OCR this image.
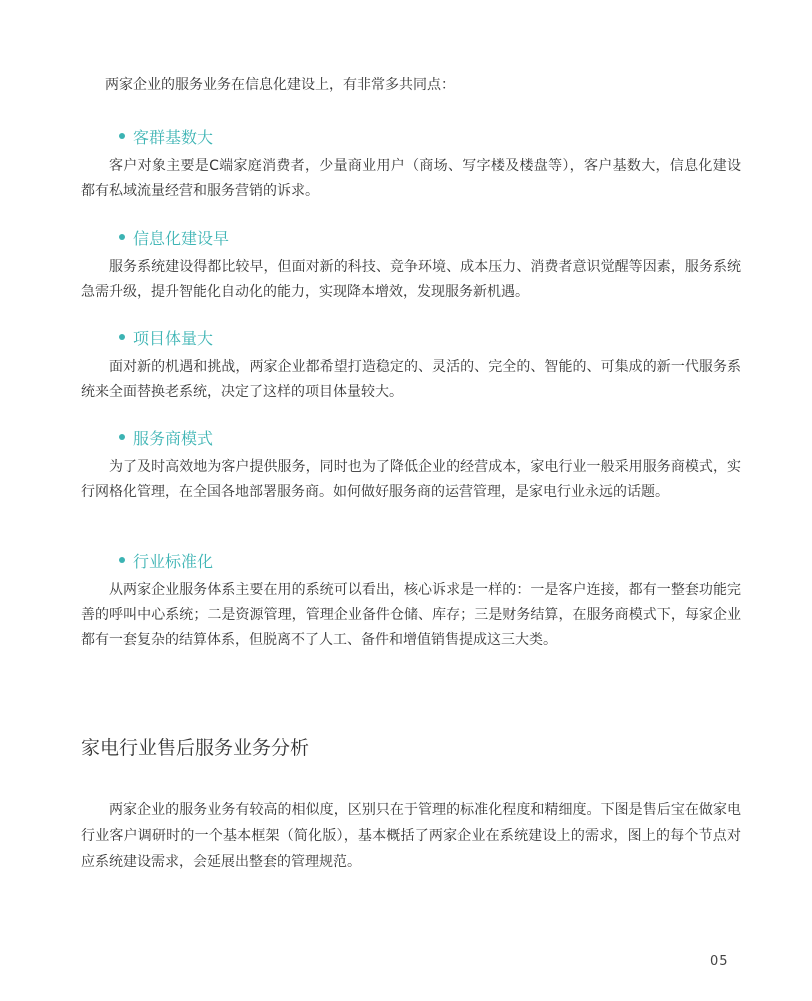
两家企业的服务业务在信息化建设上，有非常多共同点：
客群基数大
客户对象主要是C端家庭消费者，少量商业用户（商场、写字楼及楼盘等），客户基数大，信息化建设都有私域流量经营和服务营销的诉求。
信息化建设早
服务系统建设得都比较早，但面对新的科技、竞争环境、成本压力、消费者意识觉醒等因素，服务系统急需升级，提升智能化自动化的能力，实现降本增效，发现服务新机遇。
项目体量大
面对新的机遇和挑战，两家企业都希望打造稳定的、灵活的、完全的、智能的、可集成的新一代服务系统来全面替换老系统，决定了这样的项目体量较大。
服务商模式
为了及时高效地为客户提供服务，同时也为了降低企业的经营成本，家电行业一般采用服务商模式，实行网格化管理，在全国各地部署服务商。如何做好服务商的运营管理，是家电行业永远的话题。
行业标准化
从两家企业服务体系主要在用的系统可以看出，核心诉求是一样的：一是客户连接，都有一整套功能完善的呼叫中心系统；二是资源管理，管理企业备件仓储、库存；三是财务结算，在服务商模式下，每家企业都有一套复杂的结算体系，但脱离不了人工、备件和增值销售提成这三大类。
家电行业售后服务业务分析
两家企业的服务业务有较高的相似度，区别只在于管理的标准化程度和精细度。下图是售后宝在做家电行业客户调研时的一个基本框架（简化版），基本概括了两家企业在系统建设上的需求，图上的每个节点对应系统建设需求，会延展出整套的管理规范。
05
